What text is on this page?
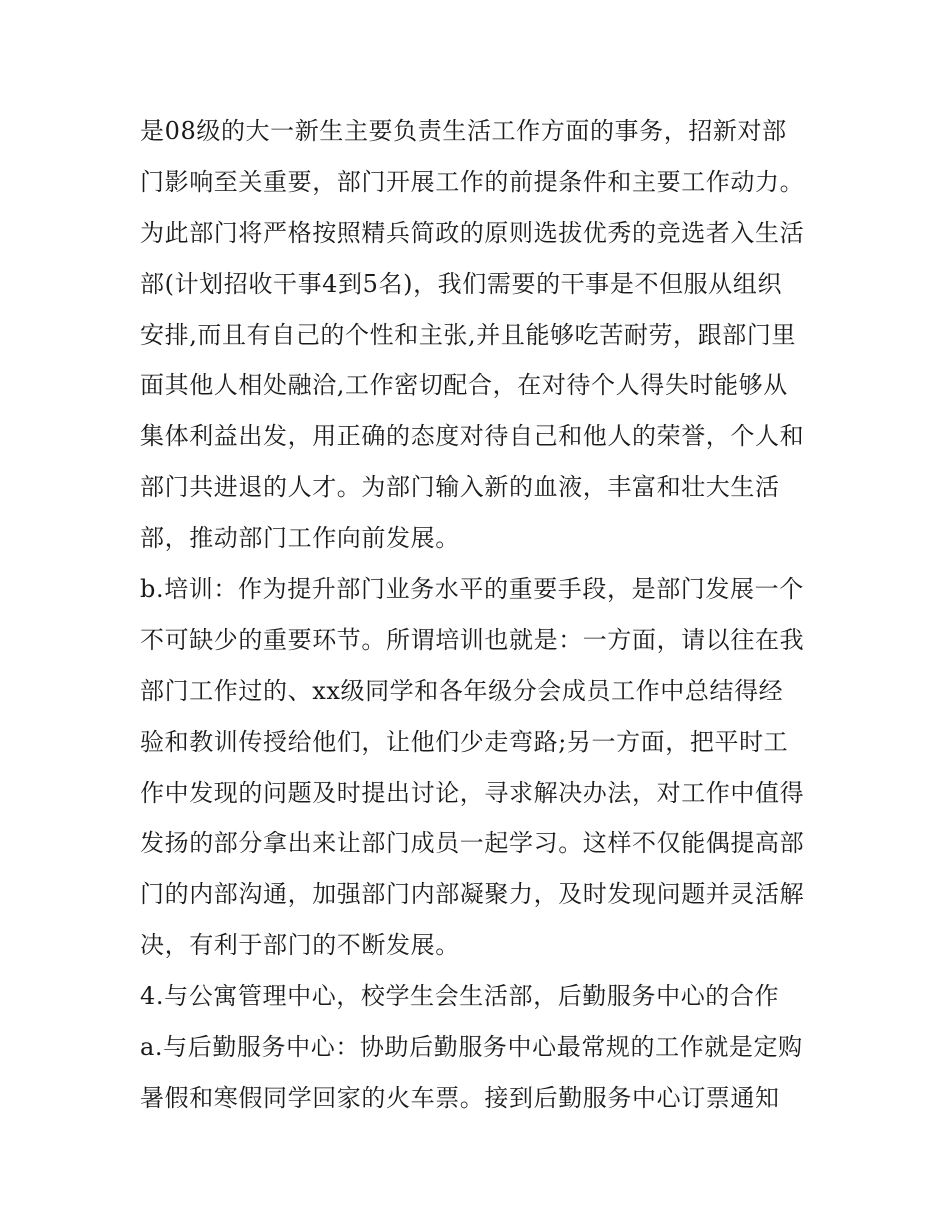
是08级的大一新生主要负责生活工作方面的事务，招新对部
门影响至关重要，部门开展工作的前提条件和主要工作动力。
为此部门将严格按照精兵简政的原则选拔优秀的竞选者入生活
部(计划招收干事4到5名)，我们需要的干事是不但服从组织
安排,而且有自己的个性和主张,并且能够吃苦耐劳，跟部门里
面其他人相处融洽,工作密切配合，在对待个人得失时能够从
集体利益出发，用正确的态度对待自己和他人的荣誉，个人和
部门共进退的人才。为部门输入新的血液，丰富和壮大生活
部，推动部门工作向前发展。
b.培训：作为提升部门业务水平的重要手段，是部门发展一个
不可缺少的重要环节。所谓培训也就是：一方面，请以往在我
部门工作过的、xx级同学和各年级分会成员工作中总结得经
验和教训传授给他们，让他们少走弯路;另一方面，把平时工
作中发现的问题及时提出讨论，寻求解决办法，对工作中值得
发扬的部分拿出来让部门成员一起学习。这样不仅能偶提高部
门的内部沟通，加强部门内部凝聚力，及时发现问题并灵活解
决，有利于部门的不断发展。
4.与公寓管理中心，校学生会生活部，后勤服务中心的合作
a.与后勤服务中心：协助后勤服务中心最常规的工作就是定购
暑假和寒假同学回家的火车票。接到后勤服务中心订票通知
